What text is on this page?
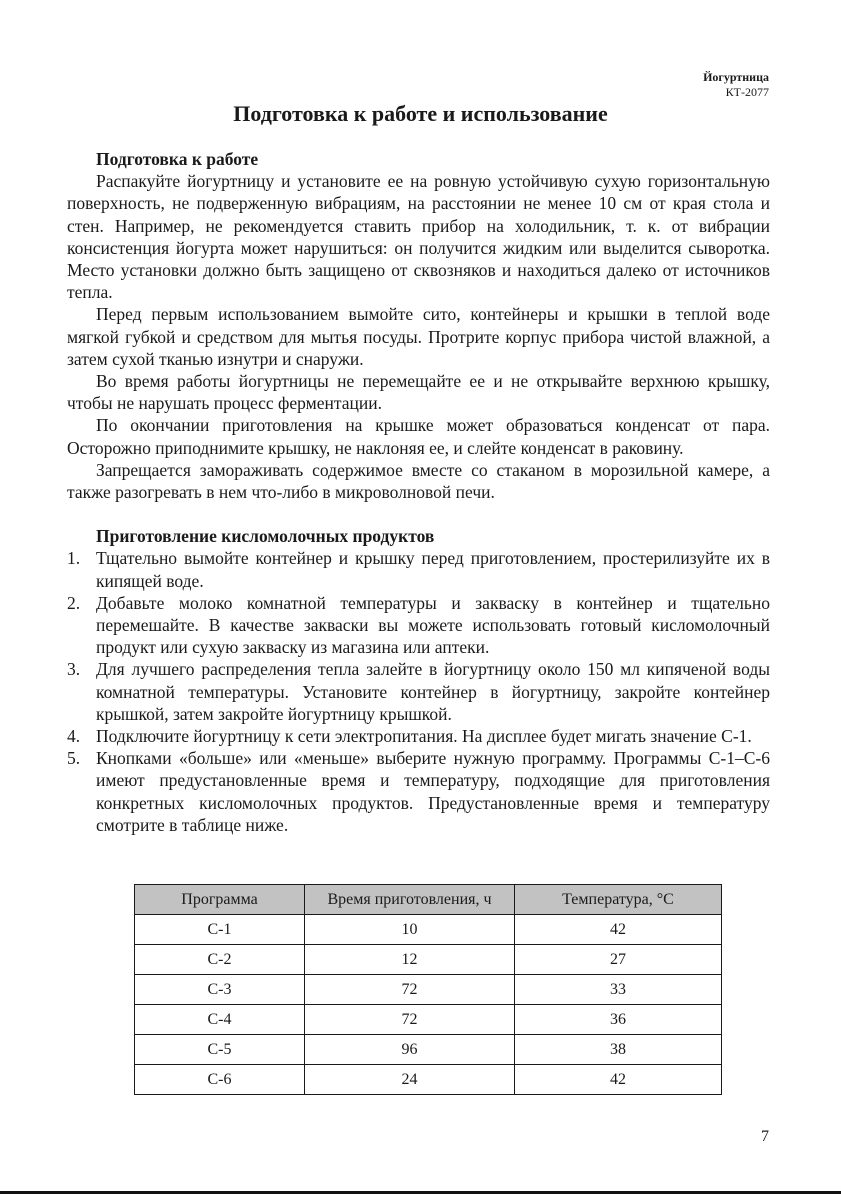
Йогуртница
КТ-2077
Подготовка к работе и использование

Подготовка к работе

Распакуйте йогуртницу и установите ее на ровную устойчивую сухую горизонтальную поверхность, не подверженную вибрациям, на расстоянии не менее 10 см от края стола и стен. Например, не рекомендуется ставить прибор на холодильник, т. к. от вибрации консистенция йогурта может нарушиться: он получится жидким или выделится сыворотка. Место установки должно быть защищено от сквозняков и находиться далеко от источников тепла.

Перед первым использованием вымойте сито, контейнеры и крышки в теплой воде мягкой губкой и средством для мытья посуды. Протрите корпус прибора чистой влажной, а затем сухой тканью изнутри и снаружи.

Во время работы йогуртницы не перемещайте ее и не открывайте верхнюю крышку, чтобы не нарушать процесс ферментации.

По окончании приготовления на крышке может образоваться конденсат от пара. Осторожно приподнимите крышку, не наклоняя ее, и слейте конденсат в раковину.

Запрещается замораживать содержимое вместе со стаканом в морозильной камере, а также разогревать в нем что-либо в микроволновой печи.

Приготовление кисломолочных продуктов

1. Тщательно вымойте контейнер и крышку перед приготовлением, простерилизуйте их в кипящей воде.
2. Добавьте молоко комнатной температуры и закваску в контейнер и тщательно перемешайте. В качестве закваски вы можете использовать готовый кисломолочный продукт или сухую закваску из магазина или аптеки.
3. Для лучшего распределения тепла залейте в йогуртницу около 150 мл кипяченой воды комнатной температуры. Установите контейнер в йогуртницу, закройте контейнер крышкой, затем закройте йогуртницу крышкой.
4. Подключите йогуртницу к сети электропитания. На дисплее будет мигать значение С-1.
5. Кнопками «больше» или «меньше» выберите нужную программу. Программы С-1–С-6 имеют предустановленные время и температуру, подходящие для приготовления конкретных кисломолочных продуктов. Предустановленные время и температуру смотрите в таблице ниже.
Программа	Время приготовления, ч	Температура, °С
С-1	10	42
С-2	12	27
С-3	72	33
С-4	72	36
С-5	96	38
С-6	24	42
7
